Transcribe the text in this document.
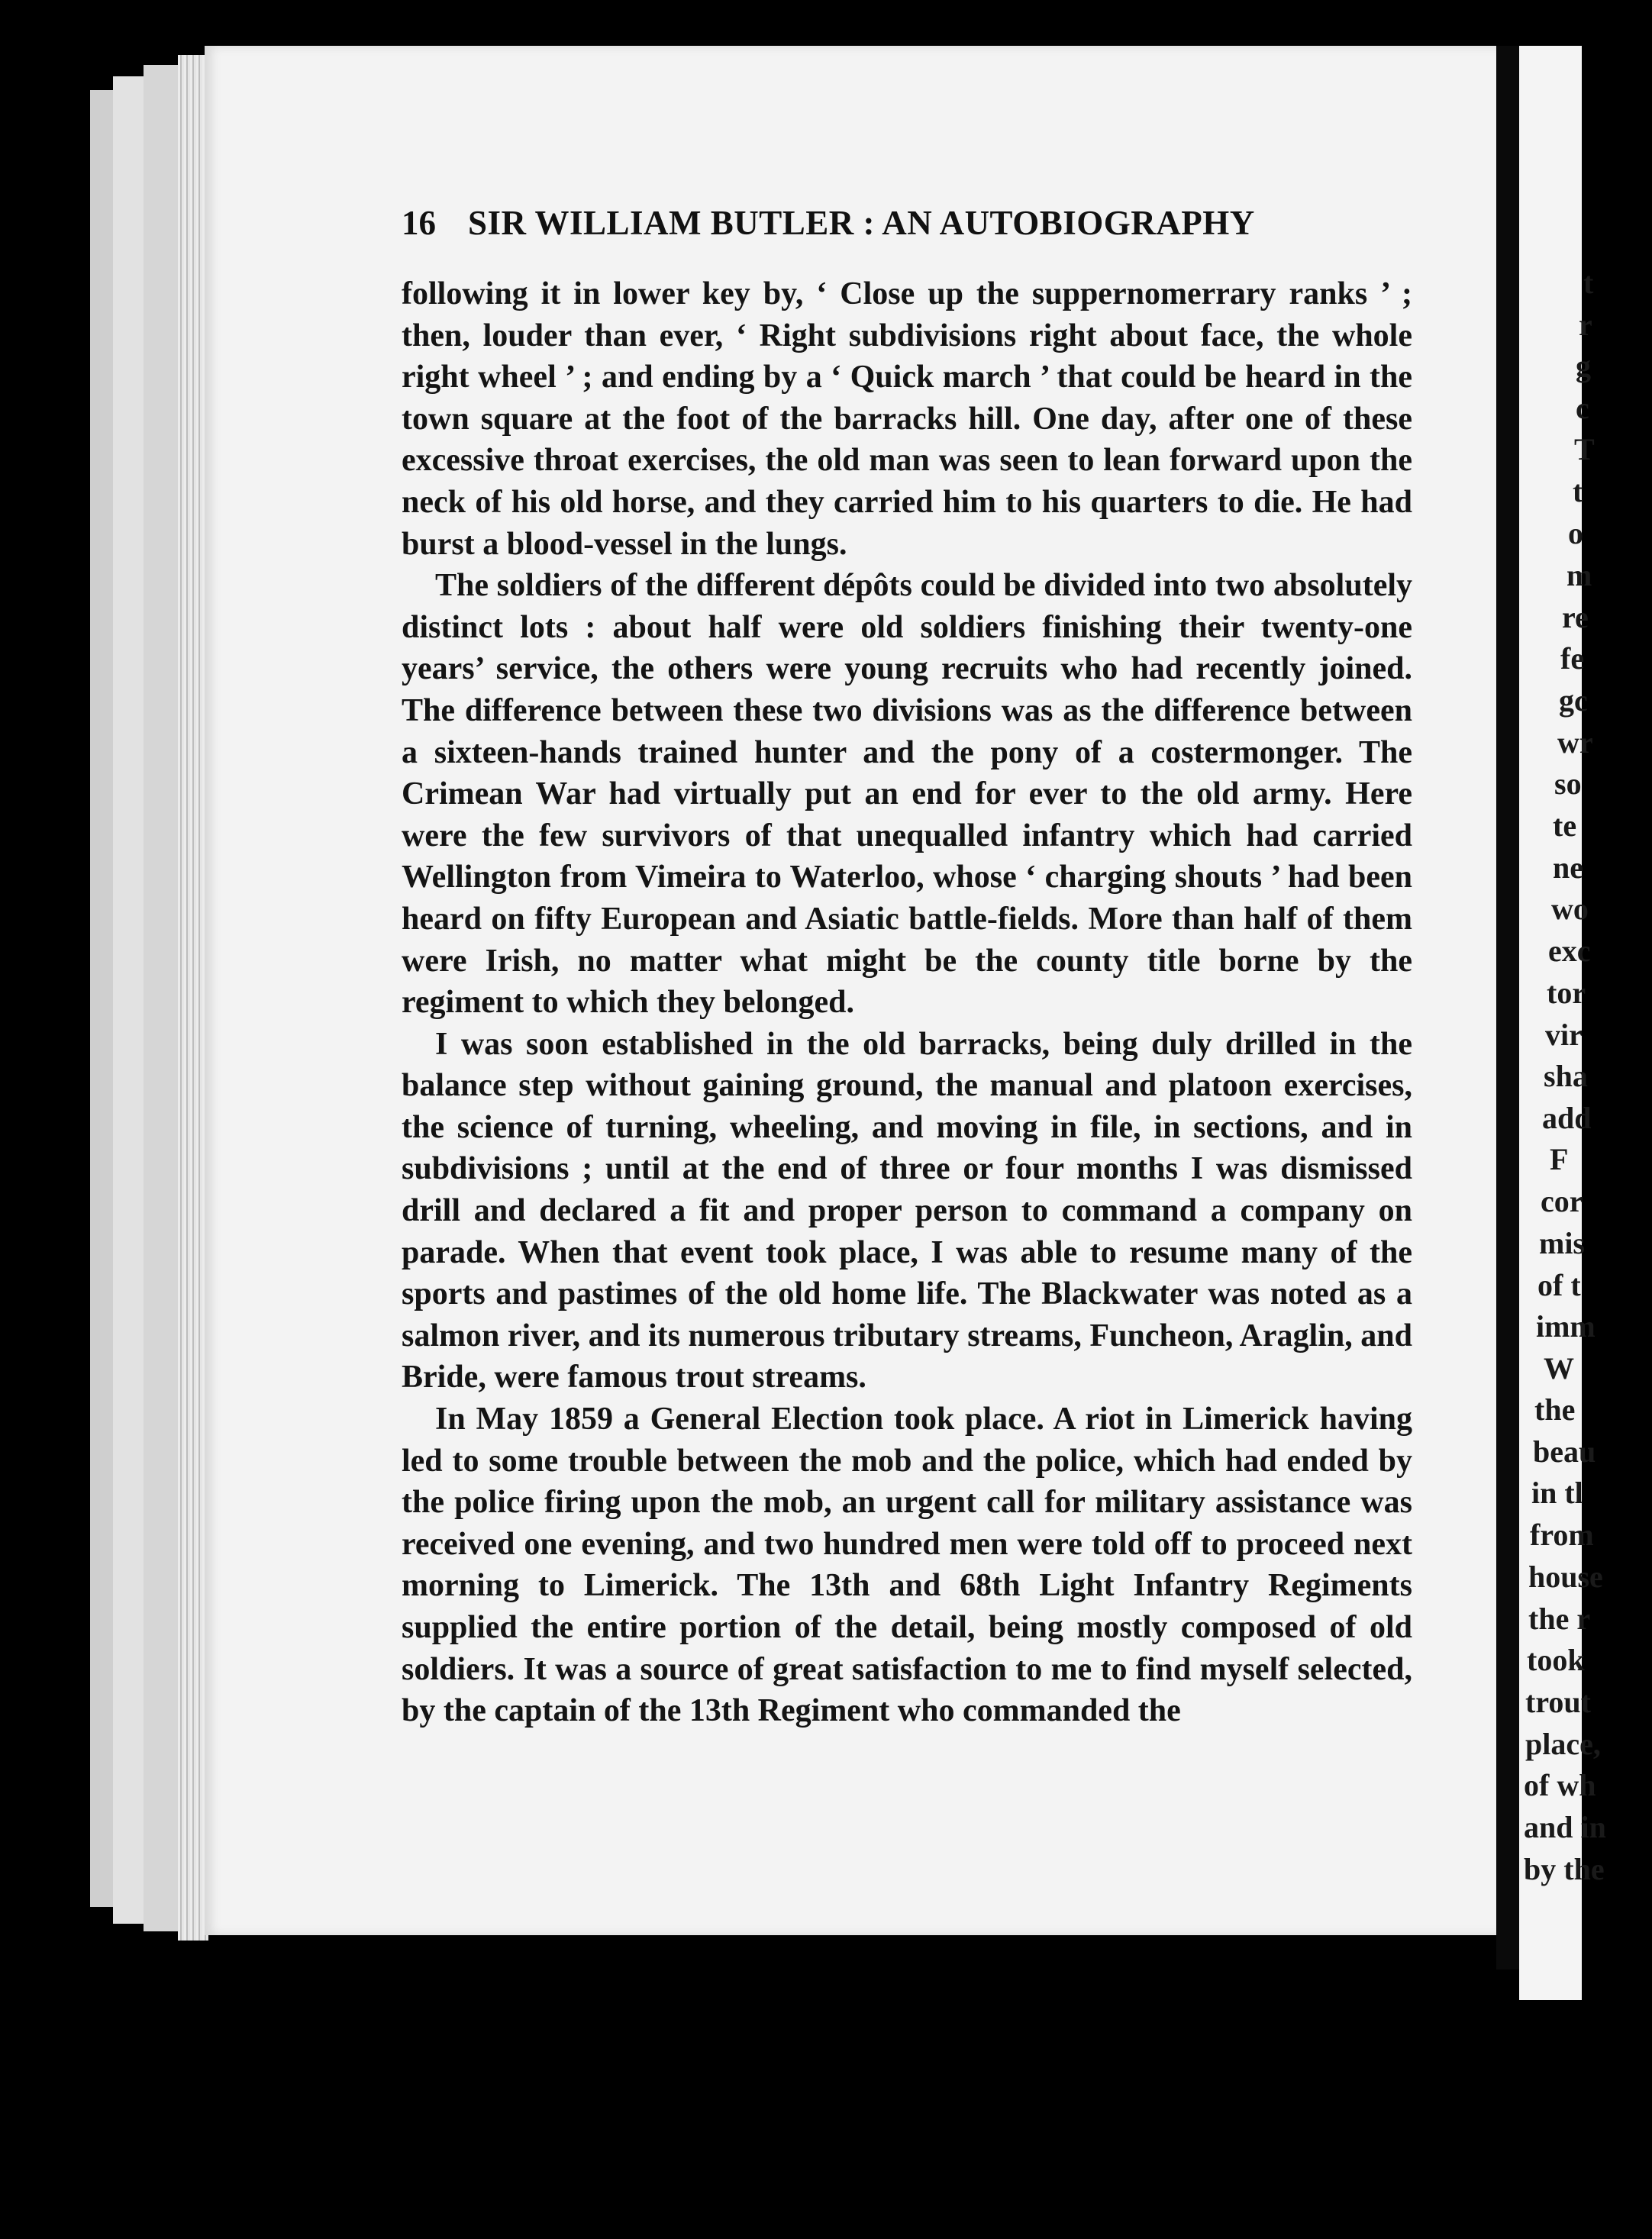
16 SIR WILLIAM BUTLER : AN AUTOBIOGRAPHY

following it in lower key by, ‘ Close up the suppernomerrary ranks ’ ; then, louder than ever, ‘ Right subdivisions right about face, the whole right wheel ’ ; and ending by a ‘ Quick march ’ that could be heard in the town square at the foot of the barracks hill. One day, after one of these excessive throat exercises, the old man was seen to lean forward upon the neck of his old horse, and they carried him to his quarters to die. He had burst a blood-vessel in the lungs.

The soldiers of the different dépôts could be divided into two absolutely distinct lots : about half were old soldiers finishing their twenty-one years’ service, the others were young recruits who had recently joined. The difference between these two divisions was as the difference between a sixteen-hands trained hunter and the pony of a costermonger. The Crimean War had virtually put an end for ever to the old army. Here were the few survivors of that unequalled infantry which had carried Wellington from Vimeira to Waterloo, whose ‘ charging shouts ’ had been heard on fifty European and Asiatic battle-fields. More than half of them were Irish, no matter what might be the county title borne by the regiment to which they belonged.

I was soon established in the old barracks, being duly drilled in the balance step without gaining ground, the manual and platoon exercises, the science of turning, wheeling, and moving in file, in sections, and in subdivisions ; until at the end of three or four months I was dismissed drill and declared a fit and proper person to command a company on parade. When that event took place, I was able to resume many of the sports and pastimes of the old home life. The Blackwater was noted as a salmon river, and its numerous tributary streams, Funcheon, Araglin, and Bride, were famous trout streams.

In May 1859 a General Election took place. A riot in Limerick having led to some trouble between the mob and the police, which had ended by the police firing upon the mob, an urgent call for military assistance was received one evening, and two hundred men were told off to proceed next morning to Limerick. The 13th and 68th Light Infantry Regiments supplied the entire portion of the detail, being mostly composed of old soldiers. It was a source of great satisfaction to me to find myself selected, by the captain of the 13th Regiment who commanded the

t
r
g
c
T
t
o
m
re
fe
gc
wr
so
te
ne
wo
exc
tor
vir
sha
add
F
cor
mis
of t
imm
W
the
beau
in tl
from
house
the r
took
trout
place,
of wh
and in
by the
